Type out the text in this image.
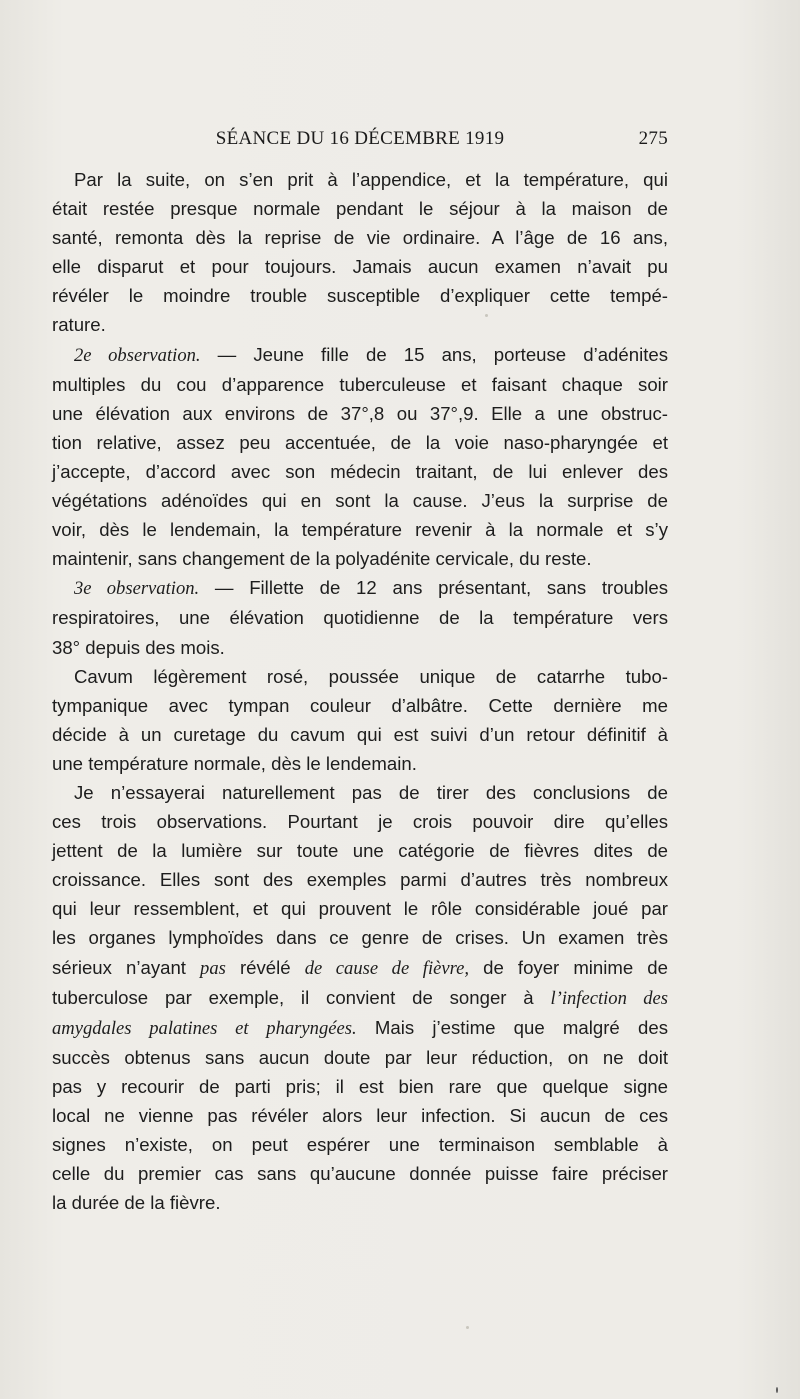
SÉANCE DU 16 DÉCEMBRE 1919	275
Par la suite, on s’en prit à l’appendice, et la température, qui
était restée presque normale pendant le séjour à la maison de
santé, remonta dès la reprise de vie ordinaire. A l’âge de 16 ans,
elle disparut et pour toujours. Jamais aucun examen n’avait pu
révéler le moindre trouble susceptible d’expliquer cette tempé-
rature.
2e observation. — Jeune fille de 15 ans, porteuse d’adénites
multiples du cou d’apparence tuberculeuse et faisant chaque soir
une élévation aux environs de 37°,8 ou 37°,9. Elle a une obstruc-
tion relative, assez peu accentuée, de la voie naso-pharyngée et
j’accepte, d’accord avec son médecin traitant, de lui enlever des
végétations adénoïdes qui en sont la cause. J’eus la surprise de
voir, dès le lendemain, la température revenir à la normale et s’y
maintenir, sans changement de la polyadénite cervicale, du reste.
3e observation. — Fillette de 12 ans présentant, sans troubles
respiratoires, une élévation quotidienne de la température vers
38° depuis des mois.
Cavum légèrement rosé, poussée unique de catarrhe tubo-
tympanique avec tympan couleur d’albâtre. Cette dernière me
décide à un curetage du cavum qui est suivi d’un retour définitif à
une température normale, dès le lendemain.
Je n’essayerai naturellement pas de tirer des conclusions de
ces trois observations. Pourtant je crois pouvoir dire qu’elles
jettent de la lumière sur toute une catégorie de fièvres dites de
croissance. Elles sont des exemples parmi d’autres très nombreux
qui leur ressemblent, et qui prouvent le rôle considérable joué par
les organes lymphoïdes dans ce genre de crises. Un examen très
sérieux n’ayant pas révélé de cause de fièvre, de foyer minime de
tuberculose par exemple, il convient de songer à l’infection des
amygdales palatines et pharyngées. Mais j’estime que malgré des
succès obtenus sans aucun doute par leur réduction, on ne doit
pas y recourir de parti pris; il est bien rare que quelque signe
local ne vienne pas révéler alors leur infection. Si aucun de ces
signes n’existe, on peut espérer une terminaison semblable à
celle du premier cas sans qu’aucune donnée puisse faire préciser
la durée de la fièvre.
